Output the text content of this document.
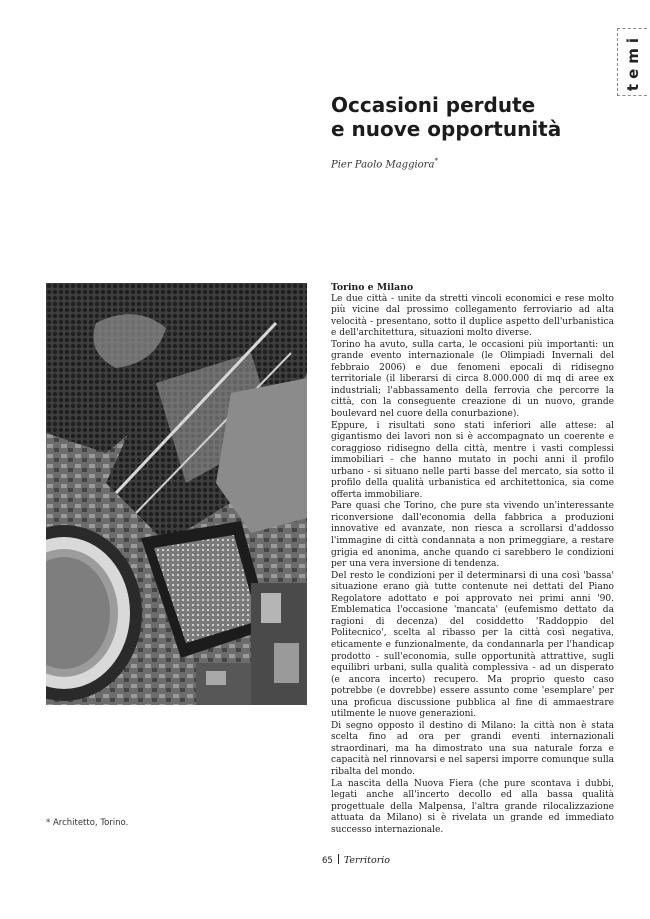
temi
Occasioni perdute
e nuove opportunità
Pier Paolo Maggiora*

Torino e Milano

Le due città - unite da stretti vincoli economici e rese molto più vicine dal prossimo collegamento ferroviario ad alta velocità - presentano, sotto il duplice aspetto dell'urbanistica e dell'architettura, situazioni molto diverse.

Torino ha avuto, sulla carta, le occasioni più importanti: un grande evento internazionale (le Olimpiadi Invernali del febbraio 2006) e due fenomeni epocali di ridisegno territoriale (il liberarsi di circa 8.000.000 di mq di aree ex industriali; l'abbassamento della ferrovia che percorre la città, con la conseguente creazione di un nuovo, grande boulevard nel cuore della conurbazione).

Eppure, i risultati sono stati inferiori alle attese: al gigantismo dei lavori non si è accompagnato un coerente e coraggioso ridisegno della città, mentre i vasti complessi immobiliari - che hanno mutato in pochi anni il profilo urbano - si situano nelle parti basse del mercato, sia sotto il profilo della qualità urbanistica ed architettonica, sia come offerta immobiliare.

Pare quasi che Torino, che pure sta vivendo un'interessante riconversione dall'economia della fabbrica a produzioni innovative ed avanzate, non riesca a scrollarsi d'addosso l'immagine di città condannata a non primeggiare, a restare grigia ed anonima, anche quando ci sarebbero le condizioni per una vera inversione di tendenza.

Del resto le condizioni per il determinarsi di una così 'bassa' situazione erano già tutte contenute nei dettati del Piano Regolatore adottato e poi approvato nei primi anni '90. Emblematica l'occasione 'mancata' (eufemismo dettato da ragioni di decenza) del cosiddetto 'Raddoppio del Politecnico', scelta al ribasso per la città così negativa, eticamente e funzionalmente, da condannarla per l'handicap prodotto - sull'economia, sulle opportunità attrattive, sugli equilibri urbani, sulla qualità complessiva - ad un disperato (e ancora incerto) recupero. Ma proprio questo caso potrebbe (e dovrebbe) essere assunto come 'esemplare' per una proficua discussione pubblica al fine di ammaestrare utilmente le nuove generazioni.

Di segno opposto il destino di Milano: la città non è stata scelta fino ad ora per grandi eventi internazionali straordinari, ma ha dimostrato una sua naturale forza e capacità nel rinnovarsi e nel sapersi imporre comunque sulla ribalta del mondo.

La nascita della Nuova Fiera (che pure scontava i dubbi, legati anche all'incerto decollo ed alla bassa qualità progettuale della Malpensa, l'altra grande rilocalizzazione attuata da Milano) si è rivelata un grande ed immediato successo internazionale.

* Architetto, Torino.
65 Territorio
